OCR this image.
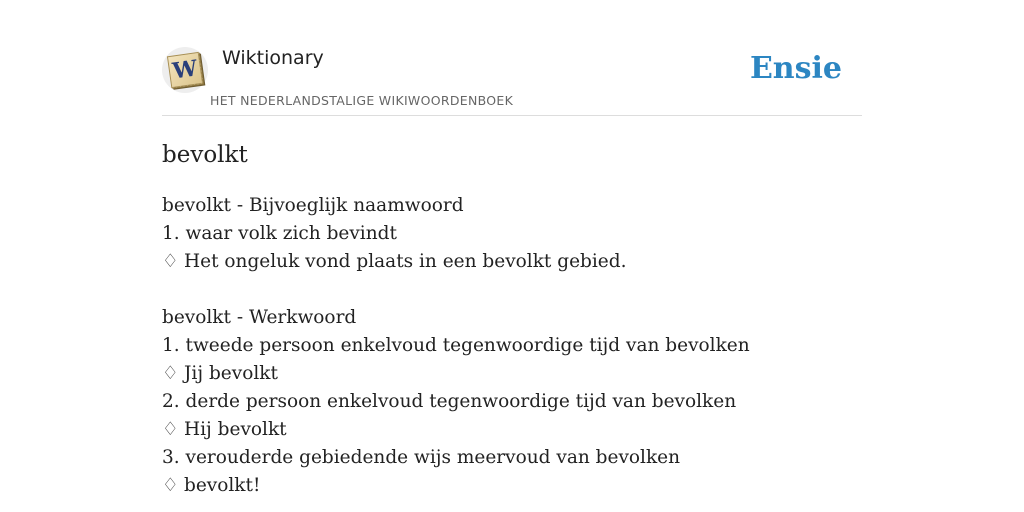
W Wiktionary
HET NEDERLANDSTALIGE WIKIWOORDENBOEK
Ensie
bevolkt
bevolkt - Bijvoeglijk naamwoord
1. waar volk zich bevindt
♢ Het ongeluk vond plaats in een bevolkt gebied.
bevolkt - Werkwoord
1. tweede persoon enkelvoud tegenwoordige tijd van bevolken
♢ Jij bevolkt
2. derde persoon enkelvoud tegenwoordige tijd van bevolken
♢ Hij bevolkt
3. verouderde gebiedende wijs meervoud van bevolken
♢ bevolkt!
